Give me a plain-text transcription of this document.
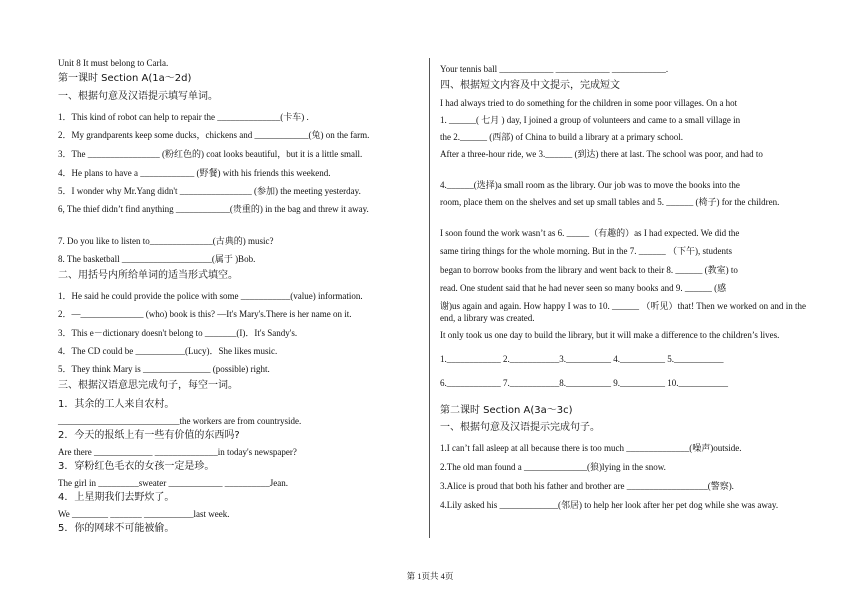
Unit 8 It must belong to Carla.
第一课时 Section A(1a～2d)
一、根据句意及汉语提示填写单词。
1．This kind of robot can help to repair the ______________(卡车) .
2．My grandparents keep some ducks，chickens and ____________(兔) on the farm.
3．The ________________ (粉红色的) coat looks beautiful，but it is a little small.
4．He plans to have a ____________ (野餐) with his friends this weekend.
5．I wonder why Mr.Yang didn't ________________ (参加) the meeting yesterday.
6, The thief didn’t find anything ____________(贵重的) in the bag and threw it away.
7. Do you like to listen to______________(古典的) music?
8. The basketball ____________________(属于 )Bob.
二、用括号内所给单词的适当形式填空。
1．He said he could provide the police with some ___________(value) information.
2．—______________ (who) book is this? —It's Mary's.There is her name on it.
3．This e－dictionary doesn't belong to _______(I)．It's Sandy's.
4．The CD could be ___________(Lucy)．She likes music.
5．They think Mary is _______________ (possible) right.
三、根据汉语意思完成句子，每空一词。
1．其余的工人来自农村。
___________________________the workers are from countryside.
2．今天的报纸上有一些有价值的东西吗?
Are there _____________ ______________in today's newspaper?
3．穿粉红色毛衣的女孩一定是珍。
The girl in _________sweater ____________ __________Jean.
4．上星期我们去野炊了。
We ________ _______ ___________last week.
5．你的网球不可能被偷。
Your tennis ball ____________ ____________ ____________.
四、根据短文内容及中文提示，完成短文
I had always tried to do something for the children in some poor villages. On a hot
1. ______( 七月 ) day, I joined a group of volunteers and came to a small village in
the 2.______ (西部) of China to build a library at a primary school.
After a three-hour ride, we 3.______ (到达) there at last. The school was poor, and had to
4.______(选择)a small room as the library. Our job was to move the books into the
room, place them on the shelves and set up small tables and 5. ______ (椅子) for the children.
I soon found the work wasn’t as 6. _____（有趣的）as I had expected. We did the
same tiring things for the whole morning. But in the 7. ______ （下午), students
began to borrow books from the library and went back to their 8. ______ (教室) to
read. One student said that he had never seen so many books and 9. ______ (感
谢)us again and again. How happy I was to 10. ______ （听见）that! Then we worked on and in the end, a library was created.
It only took us one day to build the library, but it will make a difference to the children’s lives.
1.____________ 2.___________3.__________ 4.__________ 5.___________
6.____________ 7.___________8.__________ 9.__________ 10.___________
第二课时 Section A(3a～3c)
一、根据句意及汉语提示完成句子。
1.I can’t fall asleep at all because there is too much ______________(噪声)outside.
2.The old man found a ______________(狼)lying in the snow.
3.Alice is proud that both his father and brother are __________________(警察).
4.Lily asked his _____________(邻居) to help her look after her pet dog while she was away.
第 1页共 4页
